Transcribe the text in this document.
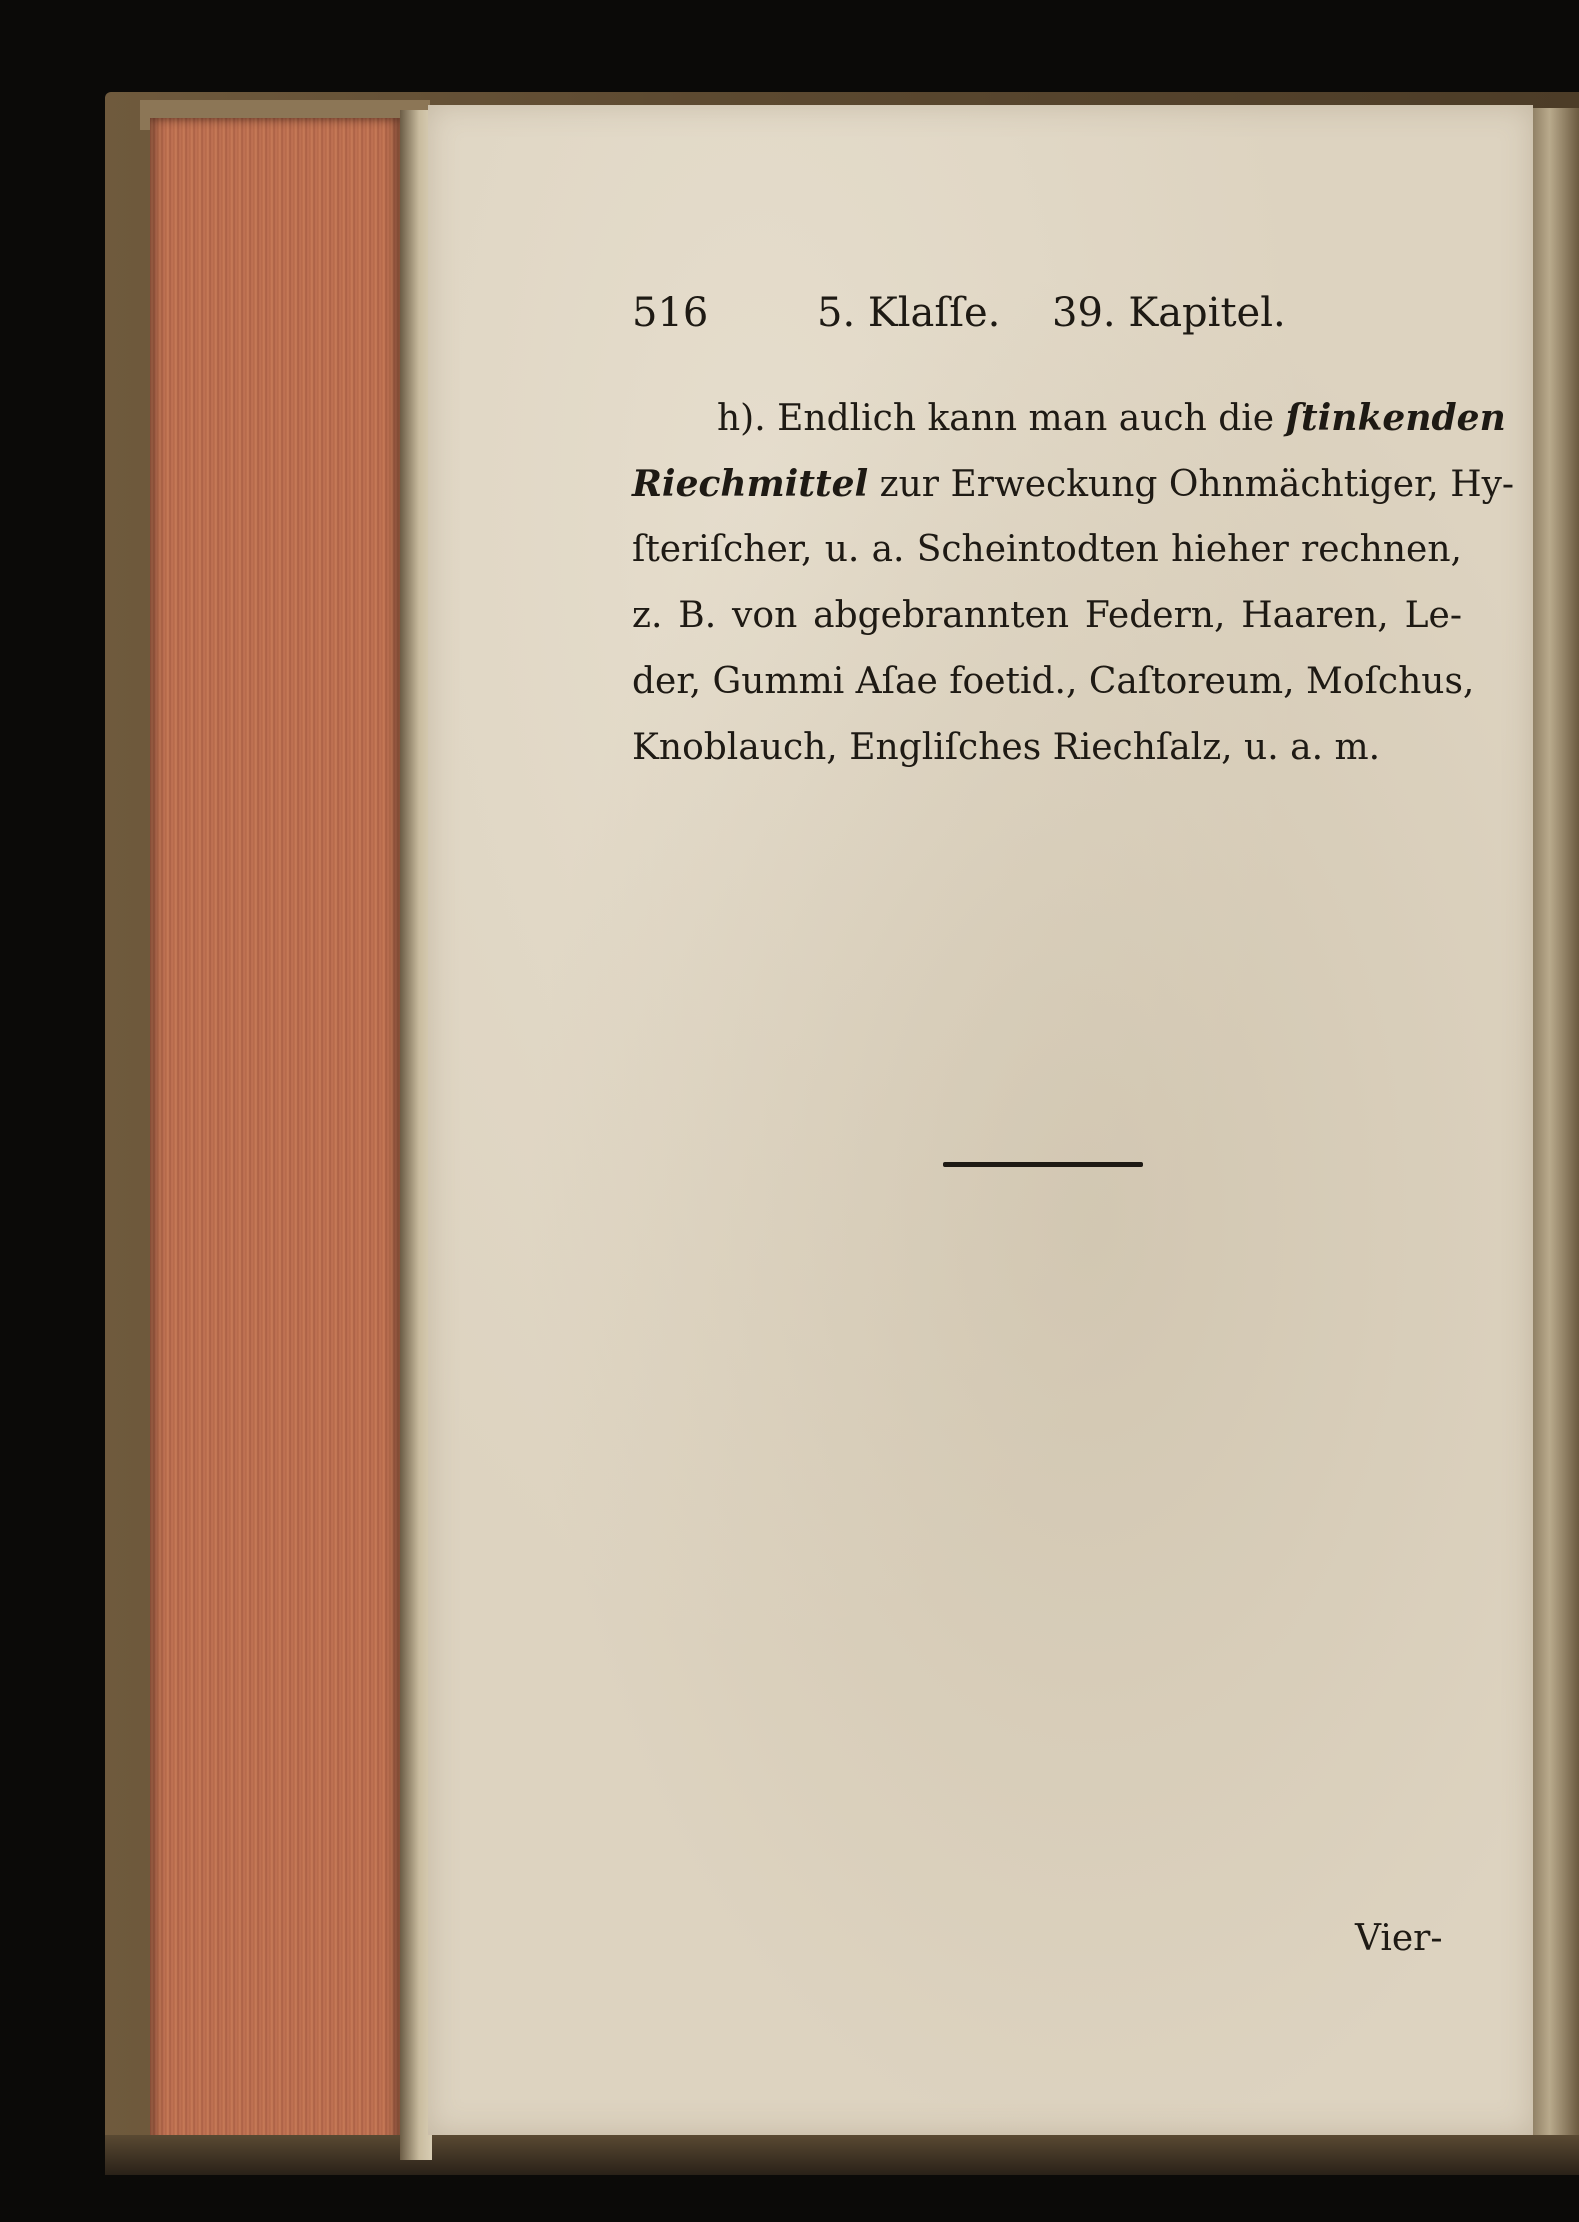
516	5. Klaſſe. 39. Kapitel.
h). Endlich kann man auch die ſtinkenden
Riechmittel zur Erweckung Ohnmächtiger, Hy-
ſteriſcher, u. a. Scheintodten hieher rechnen,
z. B. von abgebrannten Federn, Haaren, Le-
der, Gummi Aſae foetid., Caſtoreum, Moſchus,
Knoblauch, Engliſches Riechſalz, u. a. m.
Vier-
